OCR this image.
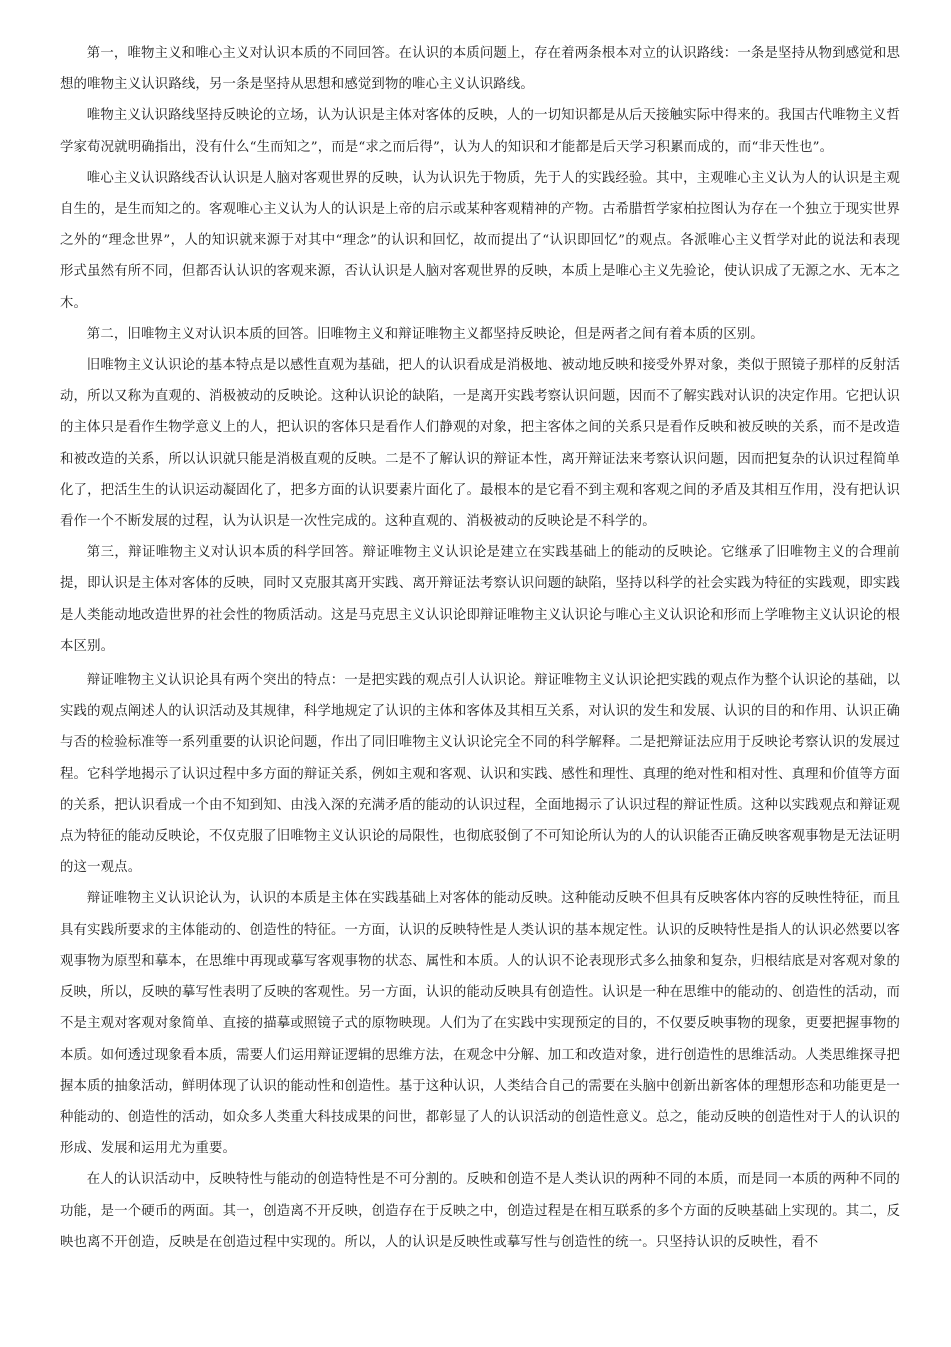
第一，唯物主义和唯心主义对认识本质的不同回答。在认识的本质问题上，存在着两条根本对立的认识路线：一条是坚持从物到感觉和思想的唯物主义认识路线，另一条是坚持从思想和感觉到物的唯心主义认识路线。

唯物主义认识路线坚持反映论的立场，认为认识是主体对客体的反映，人的一切知识都是从后天接触实际中得来的。我国古代唯物主义哲学家荀况就明确指出，没有什么“生而知之”，而是“求之而后得”，认为人的知识和才能都是后天学习积累而成的，而“非天性也”。

唯心主义认识路线否认认识是人脑对客观世界的反映，认为认识先于物质，先于人的实践经验。其中，主观唯心主义认为人的认识是主观自生的，是生而知之的。客观唯心主义认为人的认识是上帝的启示或某种客观精神的产物。古希腊哲学家柏拉图认为存在一个独立于现实世界之外的“理念世界”，人的知识就来源于对其中“理念”的认识和回忆，故而提出了“认识即回忆”的观点。各派唯心主义哲学对此的说法和表现形式虽然有所不同，但都否认认识的客观来源，否认认识是人脑对客观世界的反映，本质上是唯心主义先验论，使认识成了无源之水、无本之木。

第二，旧唯物主义对认识本质的回答。旧唯物主义和辩证唯物主义都坚持反映论，但是两者之间有着本质的区别。

旧唯物主义认识论的基本特点是以感性直观为基础，把人的认识看成是消极地、被动地反映和接受外界对象，类似于照镜子那样的反射活动，所以又称为直观的、消极被动的反映论。这种认识论的缺陷，一是离开实践考察认识问题，因而不了解实践对认识的决定作用。它把认识的主体只是看作生物学意义上的人，把认识的客体只是看作人们静观的对象，把主客体之间的关系只是看作反映和被反映的关系，而不是改造和被改造的关系，所以认识就只能是消极直观的反映。二是不了解认识的辩证本性，离开辩证法来考察认识问题，因而把复杂的认识过程简单化了，把活生生的认识运动凝固化了，把多方面的认识要素片面化了。最根本的是它看不到主观和客观之间的矛盾及其相互作用，没有把认识看作一个不断发展的过程，认为认识是一次性完成的。这种直观的、消极被动的反映论是不科学的。

第三，辩证唯物主义对认识本质的科学回答。辩证唯物主义认识论是建立在实践基础上的能动的反映论。它继承了旧唯物主义的合理前提，即认识是主体对客体的反映，同时又克服其离开实践、离开辩证法考察认识问题的缺陷，坚持以科学的社会实践为特征的实践观，即实践是人类能动地改造世界的社会性的物质活动。这是马克思主义认识论即辩证唯物主义认识论与唯心主义认识论和形而上学唯物主义认识论的根本区别。

辩证唯物主义认识论具有两个突出的特点：一是把实践的观点引人认识论。辩证唯物主义认识论把实践的观点作为整个认识论的基础，以实践的观点阐述人的认识活动及其规律，科学地规定了认识的主体和客体及其相互关系，对认识的发生和发展、认识的目的和作用、认识正确与否的检验标准等一系列重要的认识论问题，作出了同旧唯物主义认识论完全不同的科学解释。二是把辩证法应用于反映论考察认识的发展过程。它科学地揭示了认识过程中多方面的辩证关系，例如主观和客观、认识和实践、感性和理性、真理的绝对性和相对性、真理和价值等方面的关系，把认识看成一个由不知到知、由浅入深的充满矛盾的能动的认识过程，全面地揭示了认识过程的辩证性质。这种以实践观点和辩证观点为特征的能动反映论，不仅克服了旧唯物主义认识论的局限性，也彻底驳倒了不可知论所认为的人的认识能否正确反映客观事物是无法证明的这一观点。

辩证唯物主义认识论认为，认识的本质是主体在实践基础上对客体的能动反映。这种能动反映不但具有反映客体内容的反映性特征，而且具有实践所要求的主体能动的、创造性的特征。一方面，认识的反映特性是人类认识的基本规定性。认识的反映特性是指人的认识必然要以客观事物为原型和摹本，在思维中再现或摹写客观事物的状态、属性和本质。人的认识不论表现形式多么抽象和复杂，归根结底是对客观对象的反映，所以，反映的摹写性表明了反映的客观性。另一方面，认识的能动反映具有创造性。认识是一种在思维中的能动的、创造性的活动，而不是主观对客观对象简单、直接的描摹或照镜子式的原物映现。人们为了在实践中实现预定的目的，不仅要反映事物的现象，更要把握事物的本质。如何透过现象看本质，需要人们运用辩证逻辑的思维方法，在观念中分解、加工和改造对象，进行创造性的思维活动。人类思维探寻把握本质的抽象活动，鲜明体现了认识的能动性和创造性。基于这种认识，人类结合自己的需要在头脑中创新出新客体的理想形态和功能更是一种能动的、创造性的活动，如众多人类重大科技成果的问世，都彰显了人的认识活动的创造性意义。总之，能动反映的创造性对于人的认识的形成、发展和运用尤为重要。

在人的认识活动中，反映特性与能动的创造特性是不可分割的。反映和创造不是人类认识的两种不同的本质，而是同一本质的两种不同的功能，是一个硬币的两面。其一，创造离不开反映，创造存在于反映之中，创造过程是在相互联系的多个方面的反映基础上实现的。其二，反映也离不开创造，反映是在创造过程中实现的。所以，人的认识是反映性或摹写性与创造性的统一。只坚持认识的反映性，看不
